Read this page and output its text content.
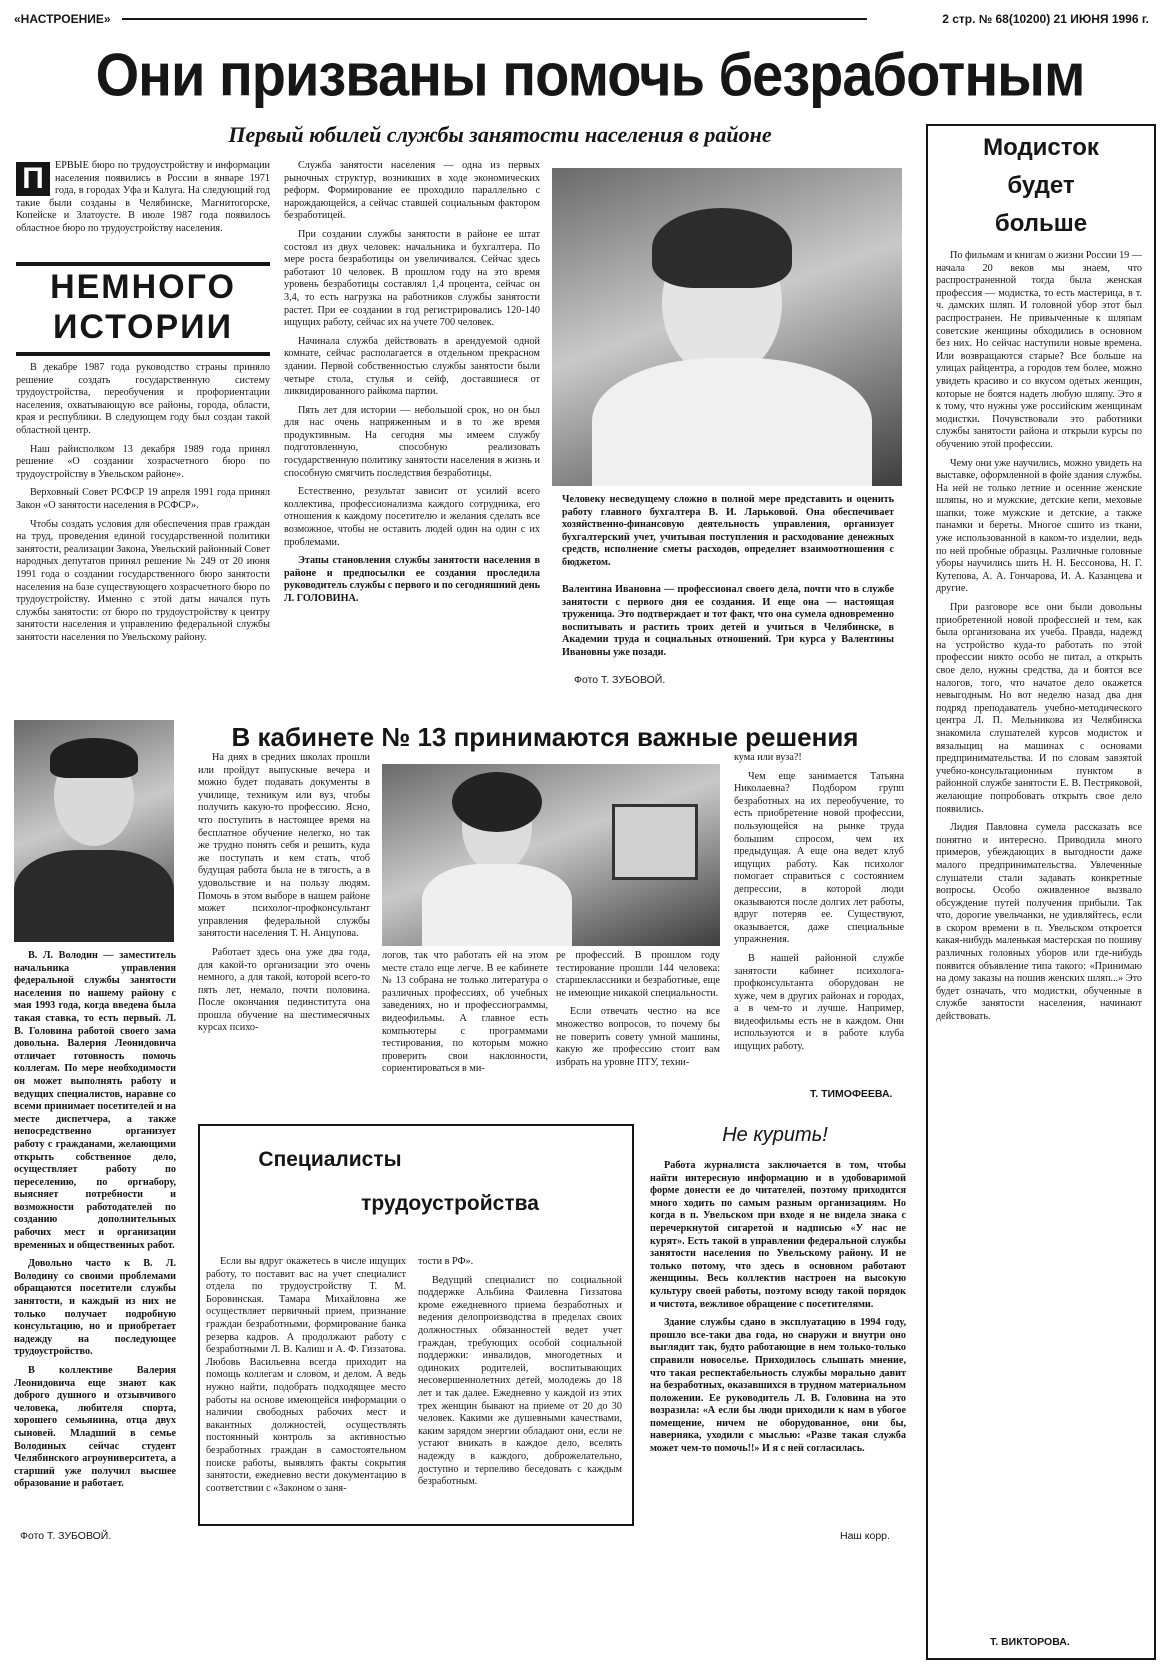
«НАСТРОЕНИЕ»	2 стр. № 68(10200) 21 ИЮНЯ 1996 г.
Они призваны помочь безработным
Первый юбилей службы занятости населения в районе
П	ЕРВЫЕ бюро по трудоустройству и информации населения появились в России в январе 1971 года, в городах Уфа и Калуга. На следующий год такие были созданы в Челябинске, Магнитогорске, Копейске и Златоусте. В июле 1987 года появилось областное бюро по трудоустройству населения.
НЕМНОГО
ИСТОРИИ

В декабре 1987 года руководство страны приняло решение создать государственную систему трудоустройства, переобучения и профориентации населения, охватывающую все районы, города, области, края и республики. В следующем году был создан такой областной центр.

Наш райисполком 13 декабря 1989 года принял решение «О создании хозрасчетного бюро по трудоустройству в Увельском районе».

Верховный Совет РСФСР 19 апреля 1991 года принял Закон «О занятости населения в РСФСР».

Чтобы создать условия для обеспечения прав граждан на труд, проведения единой государственной политики занятости, реализации Закона, Увельский районный Совет народных депутатов принял решение № 249 от 20 июня 1991 года о создании государственного бюро занятости населения на базе существующего хозрасчетного бюро по трудоустройству. Именно с этой даты начался путь службы занятости: от бюро по трудоустройству к центру занятости населения и управлению федеральной службы занятости населения по Увельскому району.

Служба занятости населения — одна из первых рыночных структур, возникших в ходе экономических реформ. Формирование ее проходило параллельно с нарождающейся, а сейчас ставшей социальным фактором безработицей.

При создании службы занятости в районе ее штат состоял из двух человек: начальника и бухгалтера. По мере роста безработицы он увеличивался. Сейчас здесь работают 10 человек. В прошлом году на это время уровень безработицы составлял 1,4 процента, сейчас он 3,4, то есть нагрузка на работников службы занятости растет. При ее создании в год регистрировались 120-140 ищущих работу, сейчас их на учете 700 человек.

Начинала служба действовать в арендуемой одной комнате, сейчас располагается в отдельном прекрасном здании. Первой собственностью службы занятости были четыре стола, стулья и сейф, доставшиеся от ликвидированного райкома партии.

Пять лет для истории — небольшой срок, но он был для нас очень напряженным и в то же время продуктивным. На сегодня мы имеем службу подготовленную, способную реализовать государственную политику занятости населения в жизнь и способную смягчить последствия безработицы.

Естественно, результат зависит от усилий всего коллектива, профессионализма каждого сотрудника, его отношения к каждому посетителю и желания сделать все возможное, чтобы не оставить людей один на один с их проблемами.

Этапы становления службы занятости населения в районе и предпосылки ее создания проследила руководитель службы с первого и по сегодняшний день Л. ГОЛОВИНА.

Человеку несведущему сложно в полной мере представить и оценить работу главного бухгалтера В. И. Ларьковой. Она обеспечивает хозяйственно-финансовую деятельность управления, организует бухгалтерский учет, учитывая поступления и расходование денежных средств, исполнение сметы расходов, определяет взаимоотношения с бюджетом.
Валентина Ивановна — профессионал своего дела, почти что в службе занятости с первого дня ее создания. И еще она — настоящая труженица. Это подтверждает и тот факт, что она сумела одновременно воспитывать и растить троих детей и учиться в Челябинске, в Академии труда и социальных отношений. Три курса у Валентины Ивановны уже позади.
Фото Т. ЗУБОВОЙ.
Модисток
будет
больше

По фильмам и книгам о жизни России 19 — начала 20 веков мы знаем, что распространенной тогда была женская профессия — модистка, то есть мастерица, в т. ч. дамских шляп. И головной убор этот был распространен. Не привыченные к шляпам советские женщины обходились в основном без них. Но сейчас наступили новые времена. Или возвращаются старые? Все больше на улицах райцентра, а городов тем более, можно увидеть красиво и со вкусом одетых женщин, которые не боятся надеть любую шляпу. Это я к тому, что нужны уже российским женщинам модистки. Почувствовали это работники службы занятости района и открыли курсы по обучению этой профессии.

Чему они уже научились, можно увидеть на выставке, оформленной в фойе здания службы. На ней не только летние и осенние женские шляпы, но и мужские, детские кепи, меховые шапки, тоже мужские и детские, а также панамки и береты. Многое сшито из ткани, уже использованной в каком-то изделии, ведь по ней пробные образцы. Различные головные уборы научились шить Н. Н. Бессонова, Н. Г. Кутепова, А. А. Гончарова, И. А. Казанцева и другие.

При разговоре все они были довольны приобретенной новой профессией и тем, как была организована их учеба. Правда, надежд на устройство куда-то работать по этой профессии никто особо не питал, а открыть свое дело, нужны средства, да и боятся все налогов, того, что начатое дело окажется невыгодным. Но вот неделю назад два дня подряд преподаватель учебно-методического центра Л. П. Мельникова из Челябинска знакомила слушателей курсов модисток и вязальщиц на машинах с основами предпринимательства. И по словам завзятой учебно-консультационным пунктом в районной службе занятости Е. В. Пестряковой, желающие попробовать открыть свое дело появились.

Лидия Павловна сумела рассказать все понятно и интересно. Приводила много примеров, убеждающих в выгодности даже малого предпринимательства. Увлеченные слушатели стали задавать конкретные вопросы. Особо оживленное вызвало обсуждение путей получения прибыли. Так что, дорогие увельчанки, не удивляйтесь, если в скором времени в п. Увельском откроется какая-нибудь маленькая мастерская по пошиву различных головных уборов или где-нибудь появится объявление типа такого: «Принимаю на дому заказы на пошив женских шляп...» Это будет означать, что модистки, обученные в службе занятости населения, начинают действовать.

Т. ВИКТОРОВА.
В кабинете № 13 принимаются важные решения

В. Л. Володин — заместитель начальника управления федеральной службы занятости населения по нашему району с мая 1993 года, когда введена была такая ставка, то есть первый. Л. В. Головина работой своего зама довольна. Валерия Леонидовича отличает готовность помочь коллегам. По мере необходимости он может выполнять работу и ведущих специалистов, наравне со всеми принимает посетителей и на месте диспетчера, а также непосредственно организует работу с гражданами, желающими открыть собственное дело, осуществляет работу по переселению, по оргнабору, выясняет потребности и возможности работодателей по созданию дополнительных рабочих мест и организации временных и общественных работ.

Довольно часто к В. Л. Володину со своими проблемами обращаются посетители службы занятости, и каждый из них не только получает подробную консультацию, но и приобретает надежду на последующее трудоустройство.

В коллективе Валерия Леонидовича еще знают как доброго душного и отзывчивого человека, любителя спорта, хорошего семьянина, отца двух сыновей. Младший в семье Володиных сейчас студент Челябинского агроуниверситета, а старший уже получил высшее образование и работает.

Фото Т. ЗУБОВОЙ.

На днях в средних школах прошли или пройдут выпускные вечера и можно будет подавать документы в училище, техникум или вуз, чтобы получить какую-то профессию. Ясно, что поступить в настоящее время на бесплатное обучение нелегко, но так же трудно понять себя и решить, куда же поступать и кем стать, чтоб будущая работа была не в тягость, а в удовольствие и на пользу людям. Помочь в этом выборе в нашем районе может психолог-профконсультант управления федеральной службы занятости населения Т. Н. Анцупова.

Работает здесь она уже два года, для какой-то организации это очень немного, а для такой, которой всего-то пять лет, немало, почти половина. После окончания пединститута она прошла обучение на шестимесячных курсах психо-

логов, так что работать ей на этом месте стало еще легче. В ее кабинете № 13 собрана не только литература о различных профессиях, об учебных заведениях, но и профессиограммы, видеофильмы. А главное есть компьютеры с программами тестирования, по которым можно проверить свои наклонности, сориентироваться в ми-

ре профессий. В прошлом году тестирование прошли 144 человека: старшеклассники и безработные, еще не имеющие никакой специальности.

Если отвечать честно на все множество вопросов, то почему бы не поверить совету умной машины, какую же профессию стоит вам избрать на уровне ПТУ, техни-

кума или вуза?!

Чем еще занимается Татьяна Николаевна? Подбором групп безработных на их переобучение, то есть приобретение новой профессии, пользующейся на рынке труда большим спросом, чем их предыдущая. А еще она ведет клуб ищущих работу. Как психолог помогает справиться с состоянием депрессии, в которой люди оказываются после долгих лет работы, вдруг потеряв ее. Существуют, оказывается, даже специальные упражнения.

В нашей районной службе занятости кабинет психолога-профконсультанта оборудован не хуже, чем в других районах и городах, а в чем-то и лучше. Например, видеофильмы есть не в каждом. Они используются и в работе клуба ищущих работу.

Т. ТИМОФЕЕВА.
Специалисты
трудоустройства

Если вы вдруг окажетесь в числе ищущих работу, то поставит вас на учет специалист отдела по трудоустройству Т. М. Боровинская. Тамара Михайловна же осуществляет первичный прием, признание граждан безработными, формирование банка резерва кадров. А продолжают работу с безработными Л. В. Калиш и А. Ф. Гиззатова. Любовь Васильевна всегда приходит на помощь коллегам и словом, и делом. А ведь нужно найти, подобрать подходящее место работы на основе имеющейся информации о наличии свободных рабочих мест и вакантных должностей, осуществлять постоянный контроль за активностью безработных граждан в самостоятельном поиске работы, выявлять факты сокрытия занятости, ежедневно вести документацию в соответствии с «Законом о заня-

тости в РФ».

Ведущий специалист по социальной поддержке Альбина Фаилевна Гиззатова кроме ежедневного приема безработных и ведения делопроизводства в пределах своих должностных обязанностей ведет учет граждан, требующих особой социальной поддержки: инвалидов, многодетных и одиноких родителей, воспитывающих несовершеннолетних детей, молодежь до 18 лет и так далее. Ежедневно у каждой из этих трех женщин бывают на приеме от 20 до 30 человек. Какими же душевными качествами, каким зарядом энергии обладают они, если не устают вникать в каждое дело, вселять надежду в каждого, доброжелательно, доступно и терпеливо беседовать с каждым безработным.

Наш корр.
Не курить!

Работа журналиста заключается в том, чтобы найти интересную информацию и в удобоваримой форме донести ее до читателей, поэтому приходится много ходить по самым разным организациям. Но когда в п. Увельском при входе я не видела знака с перечеркнутой сигаретой и надписью «У нас не курят». Есть такой в управлении федеральной службы занятости населения по Увельскому району. И не только потому, что здесь в основном работают женщины. Весь коллектив настроен на высокую культуру своей работы, поэтому всюду такой порядок и чистота, вежливое обращение с посетителями.

Здание службы сдано в эксплуатацию в 1994 году, прошло все-таки два года, но снаружи и внутри оно выглядит так, будто работающие в нем только-только справили новоселье. Приходилось слышать мнение, что такая респектабельность службы морально давит на безработных, оказавшихся в трудном материальном положении. Ее руководитель Л. В. Головина на это возразила: «А если бы люди приходили к нам в убогое помещение, ничем не оборудованное, они бы, наверняка, уходили с мыслью: «Разве такая служба может чем-то помочь!!» И я с ней согласилась.
